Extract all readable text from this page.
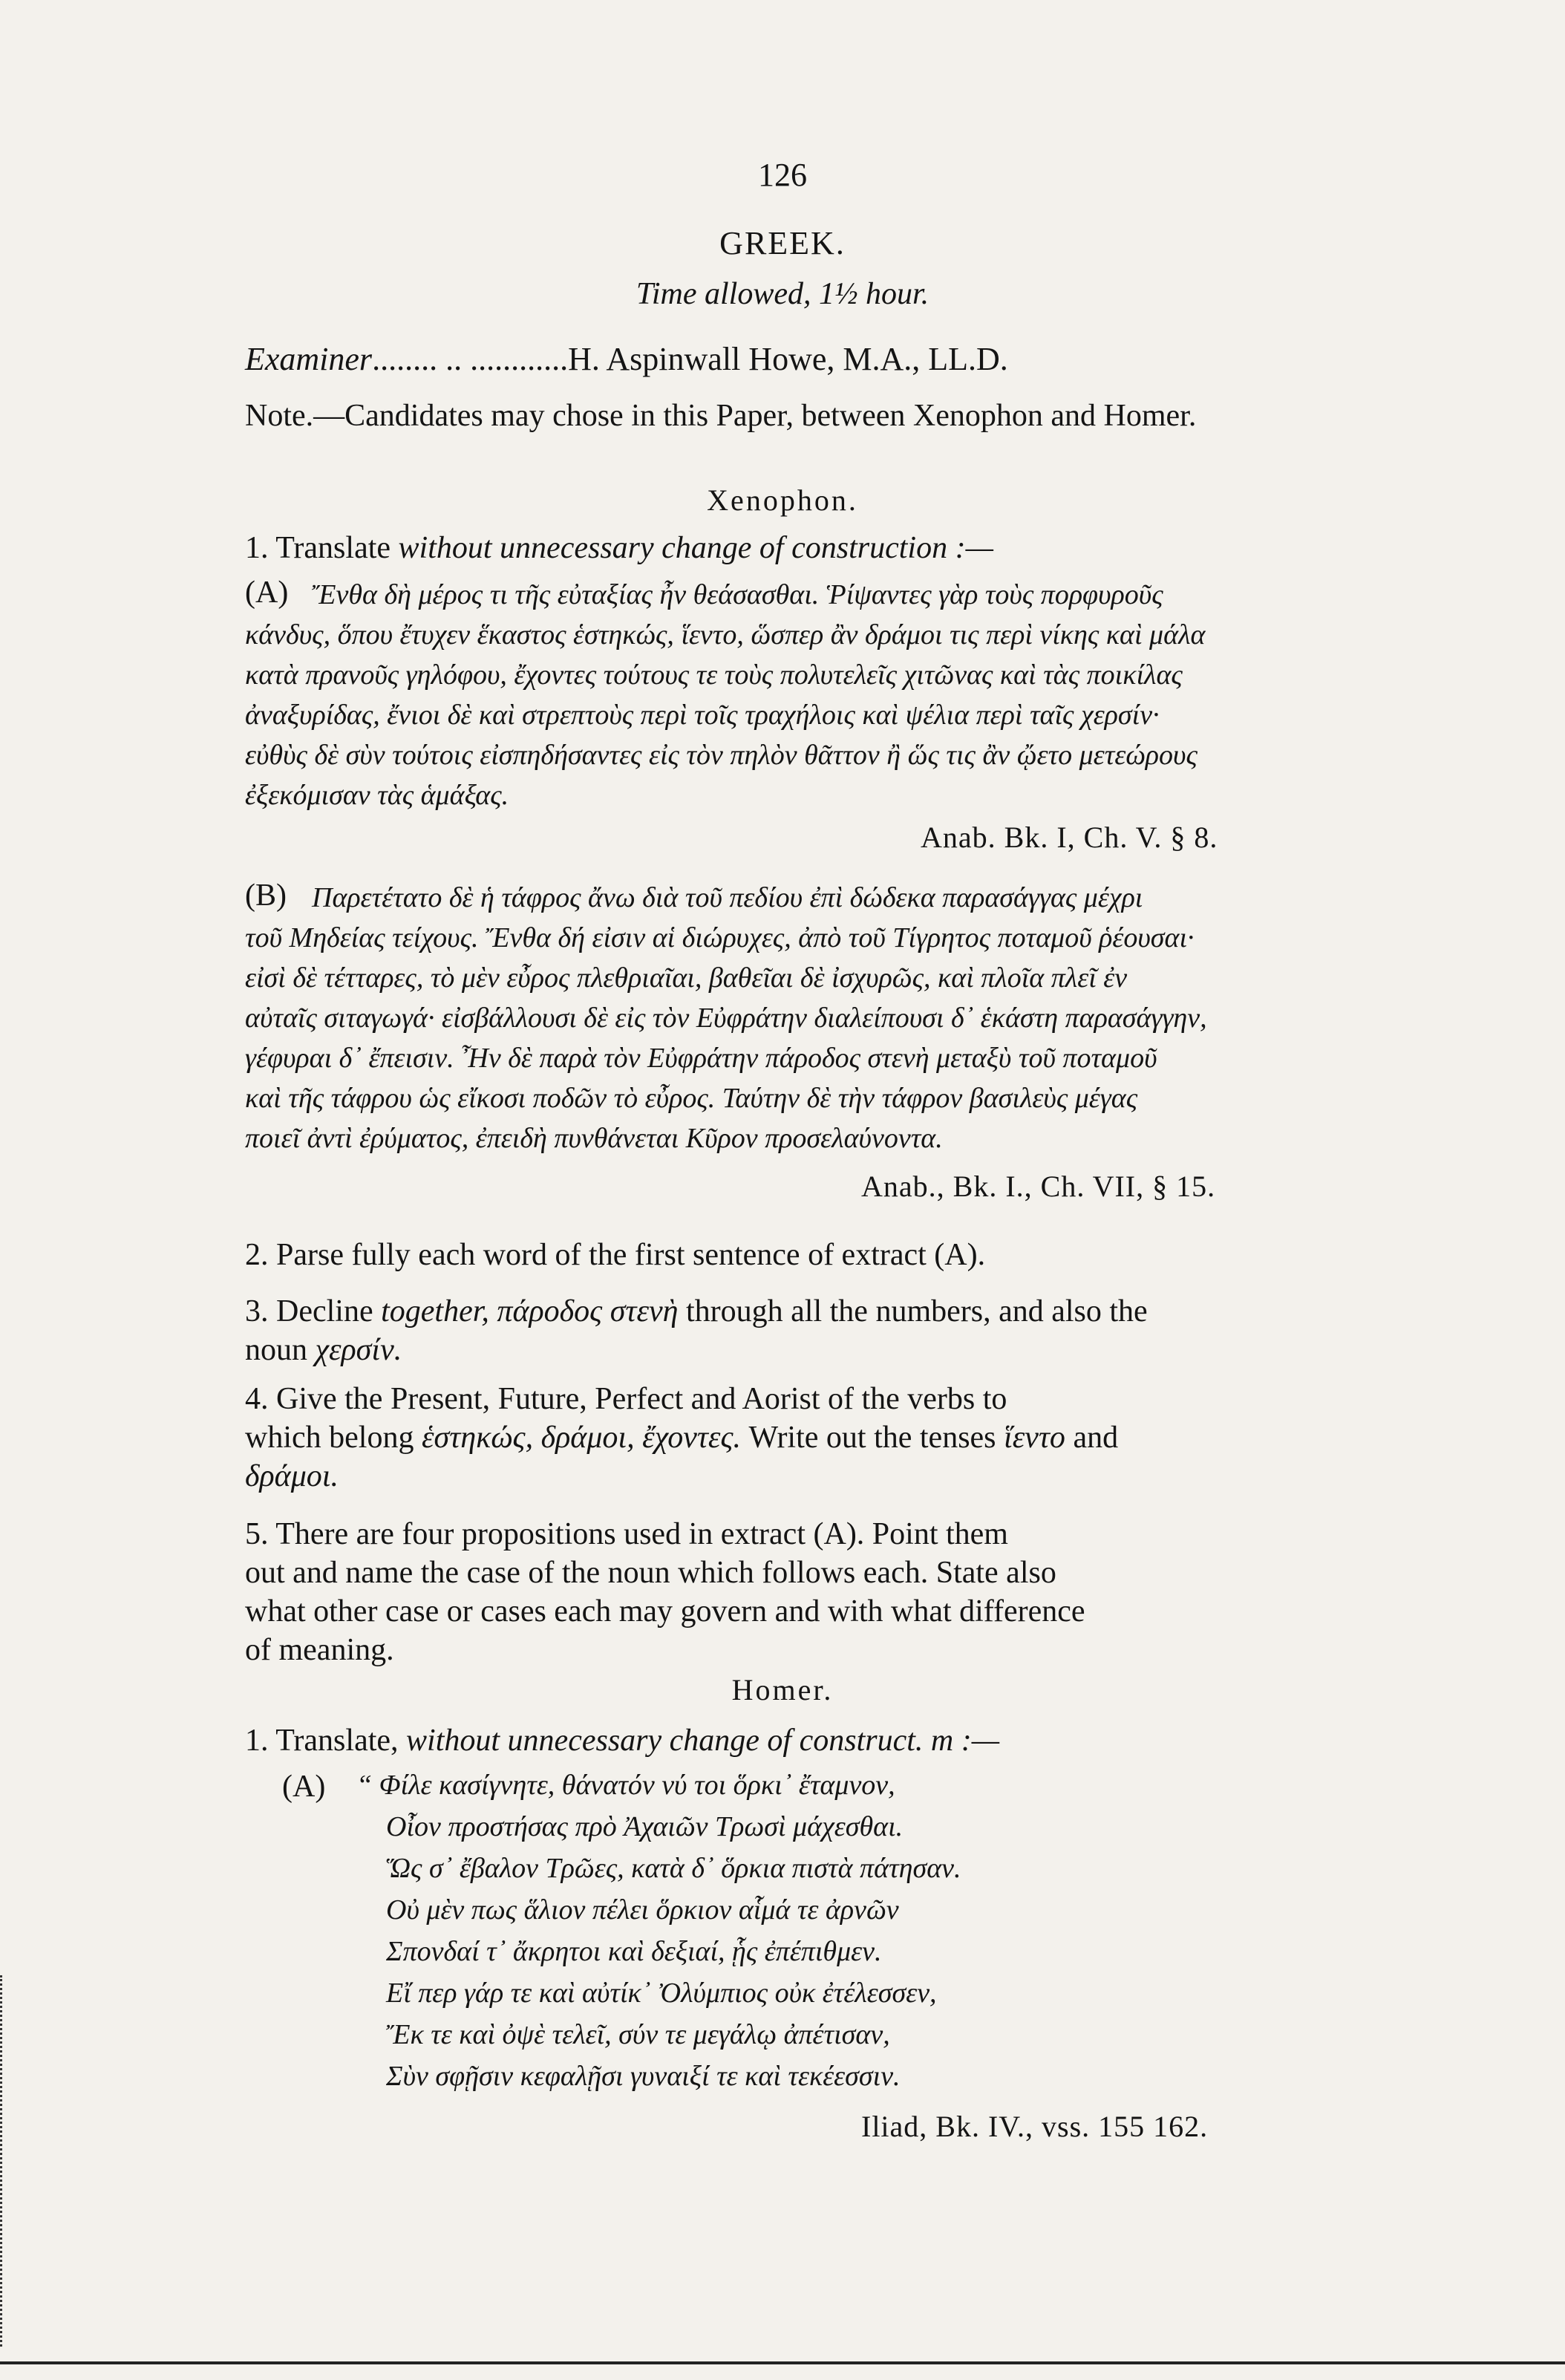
126
GREEK.
Time allowed, 1½ hour.
Examiner........ .. ............H. Aspinwall Howe, M.A., LL.D.
Note.—Candidates may chose in this Paper, between Xenophon and Homer.
Xenophon.
1. Translate without unnecessary change of construction :—
(A) Ἔνθα δὴ μέρος τι τῆς εὐταξίας ἦν θεάσασθαι. Ῥίψαντες γὰρ τοὺς πορφυροῦς
κάνδυς, ὅπου ἔτυχεν ἕκαστος ἑστηκώς, ἵεντο, ὥσπερ ἂν δράμοι τις περὶ νίκης καὶ μάλα
κατὰ πρανοῦς γηλόφου, ἔχοντες τούτους τε τοὺς πολυτελεῖς χιτῶνας καὶ τὰς ποικίλας
ἀναξυρίδας, ἔνιοι δὲ καὶ στρεπτοὺς περὶ τοῖς τραχήλοις καὶ ψέλια περὶ ταῖς χερσίν·
εὐθὺς δὲ σὺν τούτοις εἰσπηδήσαντες εἰς τὸν πηλὸν θᾶττον ἢ ὥς τις ἂν ᾤετο μετεώρους
ἐξεκόμισαν τὰς ἁμάξας.
Anab. Bk. I, Ch. V. § 8.
(B) Παρετέτατο δὲ ἡ τάφρος ἄνω διὰ τοῦ πεδίου ἐπὶ δώδεκα παρασάγγας μέχρι
τοῦ Μηδείας τείχους. Ἔνθα δή εἰσιν αἱ διώρυχες, ἀπὸ τοῦ Τίγρητος ποταμοῦ ῥέουσαι·
εἰσὶ δὲ τέτταρες, τὸ μὲν εὖρος πλεθριαῖαι, βαθεῖαι δὲ ἰσχυρῶς, καὶ πλοῖα πλεῖ ἐν
αὐταῖς σιταγωγά· εἰσβάλλουσι δὲ εἰς τὸν Εὐφράτην διαλείπουσι δ᾽ ἑκάστη παρασάγγην,
γέφυραι δ᾽ ἔπεισιν. Ἦν δὲ παρὰ τὸν Εὐφράτην πάροδος στενὴ μεταξὺ τοῦ ποταμοῦ
καὶ τῆς τάφρου ὡς εἴκοσι ποδῶν τὸ εὖρος. Ταύτην δὲ τὴν τάφρον βασιλεὺς μέγας
ποιεῖ ἀντὶ ἐρύματος, ἐπειδὴ πυνθάνεται Κῦρον προσελαύνοντα.
Anab., Bk. I., Ch. VII, § 15.
2. Parse fully each word of the first sentence of extract (A).
3. Decline together, πάροδος στενὴ through all the numbers, and also the
noun χερσίν.
4. Give the Present, Future, Perfect and Aorist of the verbs to
which belong ἑστηκώς, δράμοι, ἔχοντες. Write out the tenses ἵεντο and
δράμοι.
5. There are four propositions used in extract (A). Point them
out and name the case of the noun which follows each. State also
what other case or cases each may govern and with what difference
of meaning.
Homer.
1. Translate, without unnecessary change of construct. m :—
(A) “ Φίλε κασίγνητε, θάνατόν νύ τοι ὅρκι᾽ ἔταμνον,
Οἶον προστήσας πρὸ Ἀχαιῶν Τρωσὶ μάχεσθαι.
Ὥς σ᾽ ἔβαλον Τρῶες, κατὰ δ᾽ ὅρκια πιστὰ πάτησαν.
Οὐ μὲν πως ἅλιον πέλει ὅρκιον αἷμά τε ἀρνῶν
Σπονδαί τ᾽ ἄκρητοι καὶ δεξιαί, ᾗς ἐπέπιθμεν.
Εἴ περ γάρ τε καὶ αὐτίκ᾽ Ὀλύμπιος οὐκ ἐτέλεσσεν,
Ἔκ τε καὶ ὀψὲ τελεῖ, σύν τε μεγάλῳ ἀπέτισαν,
Σὺν σφῇσιν κεφαλῇσι γυναιξί τε καὶ τεκέεσσιν.
Iliad, Bk. IV., vss. 155 162.
